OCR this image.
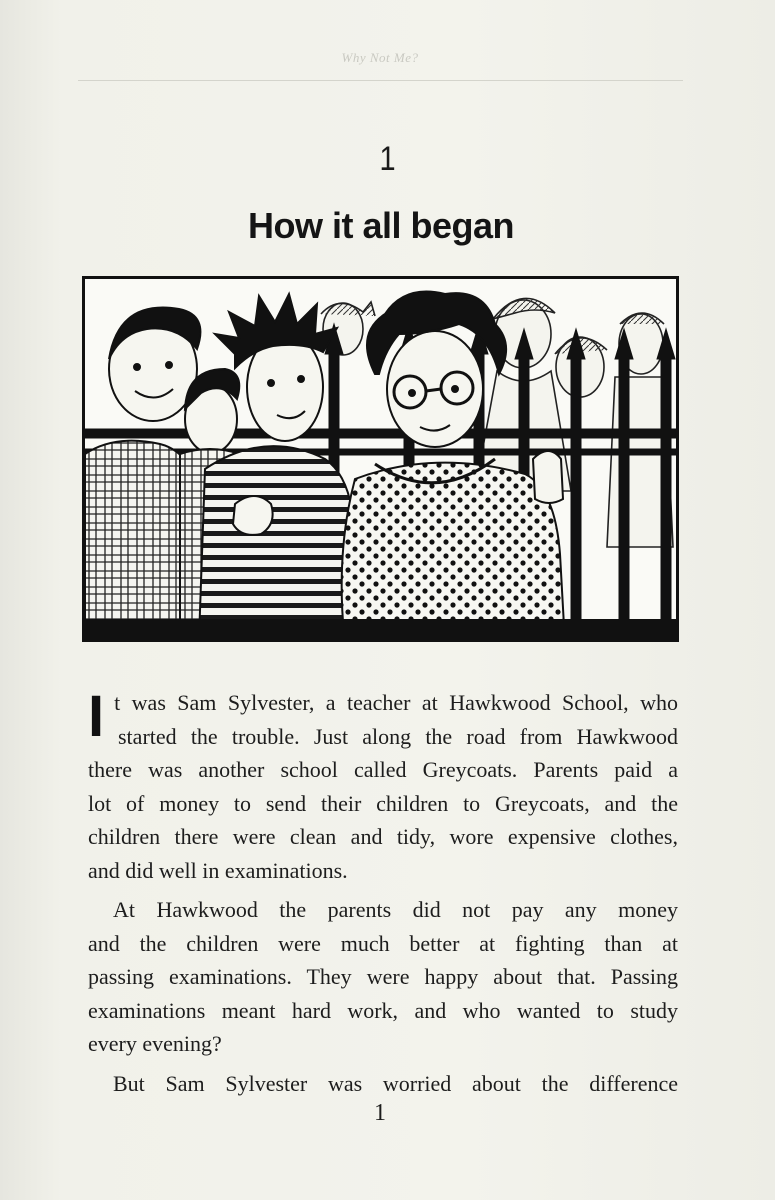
Why Not Me?
1
How it all began

It was Sam Sylvester, a teacher at Hawkwood School, who

started the trouble. Just along the road from Hawkwood

there was another school called Greycoats. Parents paid a

lot of money to send their children to Greycoats, and the

children there were clean and tidy, wore expensive clothes,

and did well in examinations.

At Hawkwood the parents did not pay any money

and the children were much better at fighting than at

passing examinations. They were happy about that. Passing

examinations meant hard work, and who wanted to study

every evening?

But Sam Sylvester was worried about the difference

1
